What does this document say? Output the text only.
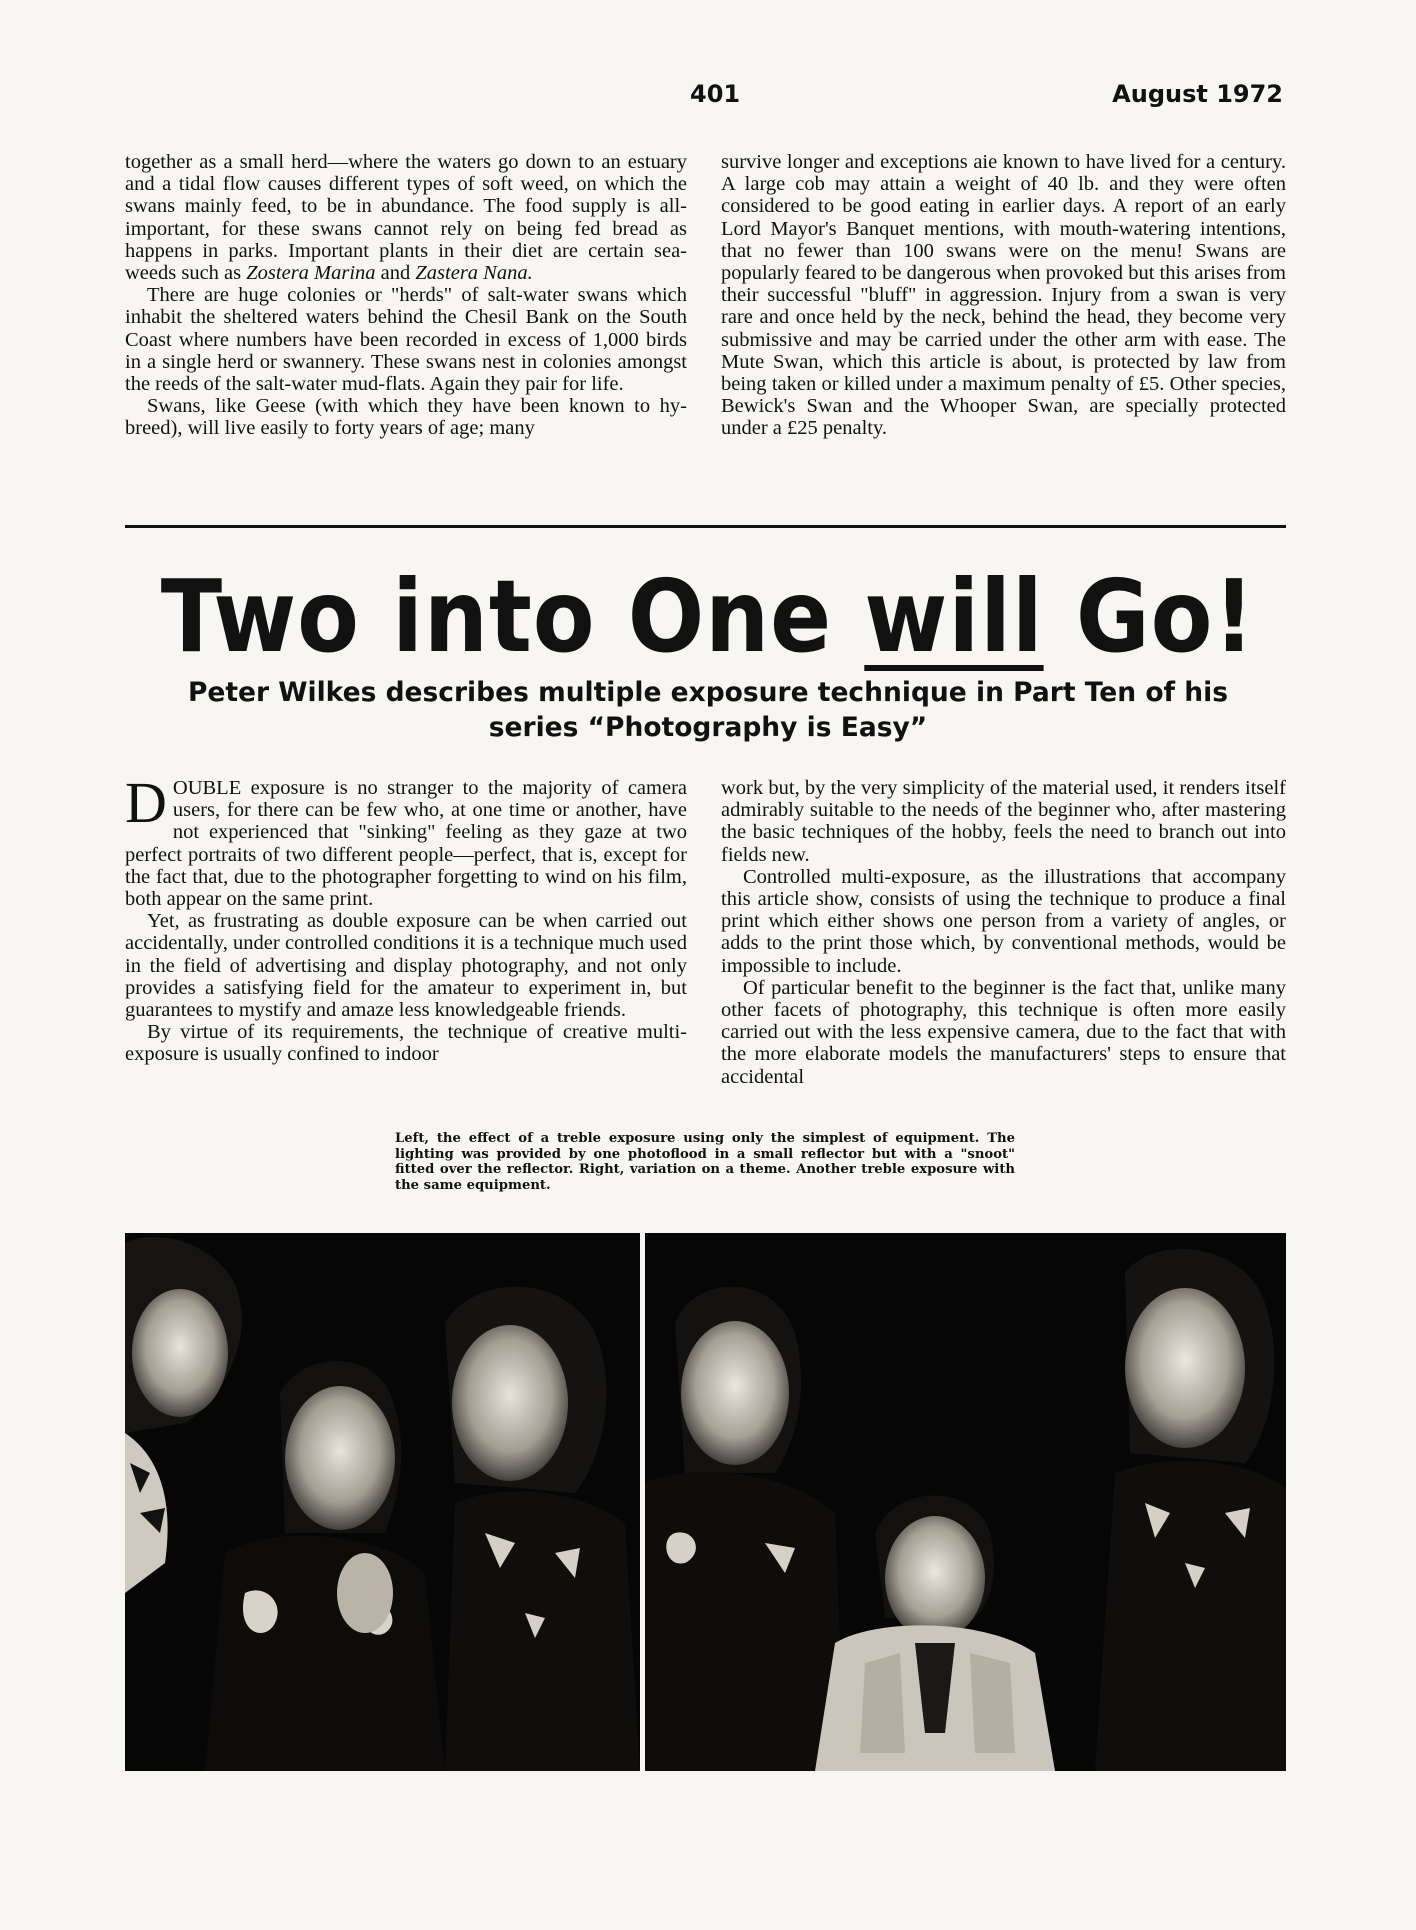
401	August 1972

together as a small herd—where the waters go down to an estuary and a tidal flow causes different types of soft weed, on which the swans mainly feed, to be in abundance. The food supply is all-important, for these swans cannot rely on being fed bread as happens in parks. Important plants in their diet are certain sea-weeds such as Zostera Marina and Zastera Nana.

There are huge colonies or "herds" of salt-water swans which inhabit the sheltered waters behind the Chesil Bank on the South Coast where numbers have been recorded in excess of 1,000 birds in a single herd or swannery. These swans nest in colonies amongst the reeds of the salt-water mud-flats. Again they pair for life.

Swans, like Geese (with which they have been known to hy-breed), will live easily to forty years of age; many

survive longer and exceptions aie known to have lived for a century. A large cob may attain a weight of 40 lb. and they were often considered to be good eating in earlier days. A report of an early Lord Mayor's Banquet mentions, with mouth-watering intentions, that no fewer than 100 swans were on the menu! Swans are popularly feared to be dangerous when provoked but this arises from their successful "bluff" in aggression. Injury from a swan is very rare and once held by the neck, behind the head, they become very submissive and may be carried under the other arm with ease. The Mute Swan, which this article is about, is protected by law from being taken or killed under a maximum penalty of £5. Other species, Bewick's Swan and the Whooper Swan, are specially protected under a £25 penalty.

Two into One will Go!
Peter Wilkes describes multiple exposure technique in Part Ten of his series “Photography is Easy”

DOUBLE exposure is no stranger to the majority of camera users, for there can be few who, at one time or another, have not experienced that "sinking" feeling as they gaze at two perfect portraits of two different people—perfect, that is, except for the fact that, due to the photographer forgetting to wind on his film, both appear on the same print.

Yet, as frustrating as double exposure can be when carried out accidentally, under controlled conditions it is a technique much used in the field of advertising and display photography, and not only provides a satisfying field for the amateur to experiment in, but guarantees to mystify and amaze less knowledgeable friends.

By virtue of its requirements, the technique of creative multi-exposure is usually confined to indoor

work but, by the very simplicity of the material used, it renders itself admirably suitable to the needs of the beginner who, after mastering the basic techniques of the hobby, feels the need to branch out into fields new.

Controlled multi-exposure, as the illustrations that accompany this article show, consists of using the technique to produce a final print which either shows one person from a variety of angles, or adds to the print those which, by conventional methods, would be impossible to include.

Of particular benefit to the beginner is the fact that, unlike many other facets of photography, this technique is often more easily carried out with the less expensive camera, due to the fact that with the more elaborate models the manufacturers' steps to ensure that accidental

Left, the effect of a treble exposure using only the simplest of equipment. The lighting was provided by one photoflood in a small reflector but with a "snoot" fitted over the reflector. Right, variation on a theme. Another treble exposure with the same equipment.
